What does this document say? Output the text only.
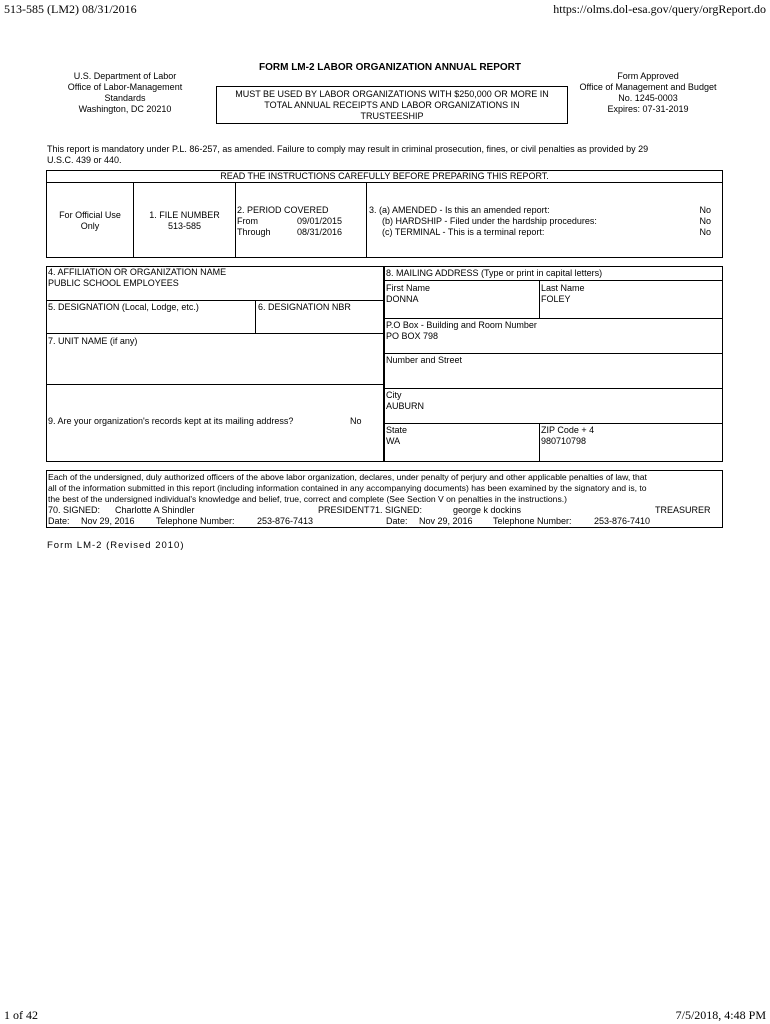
513-585 (LM2) 08/31/2016	https://olms.dol-esa.gov/query/orgReport.do
U.S. Department of Labor
Office of Labor-Management
Standards
Washington, DC 20210
FORM LM-2 LABOR ORGANIZATION ANNUAL REPORT
MUST BE USED BY LABOR ORGANIZATIONS WITH $250,000 OR MORE IN
TOTAL ANNUAL RECEIPTS AND LABOR ORGANIZATIONS IN
TRUSTEESHIP
Form Approved
Office of Management and Budget
No. 1245-0003
Expires: 07-31-2019
This report is mandatory under P.L. 86-257, as amended. Failure to comply may result in criminal prosecution, fines, or civil penalties as provided by 29
U.S.C. 439 or 440.
READ THE INSTRUCTIONS CAREFULLY BEFORE PREPARING THIS REPORT.
For Official Use
Only
1. FILE NUMBER
513-585
2. PERIOD COVERED
From	09/01/2015
Through	08/31/2016
3. (a) AMENDED - Is this an amended report:	No
(b) HARDSHIP - Filed under the hardship procedures:	No
(c) TERMINAL - This is a terminal report:	No
4. AFFILIATION OR ORGANIZATION NAME
PUBLIC SCHOOL EMPLOYEES
5. DESIGNATION (Local, Lodge, etc.)	6. DESIGNATION NBR
7. UNIT NAME (if any)
9. Are your organization's records kept at its mailing address?	No
8. MAILING ADDRESS (Type or print in capital letters)
First Name
DONNA
Last Name
FOLEY
P.O Box - Building and Room Number
PO BOX 798
Number and Street
City
AUBURN
State
WA
ZIP Code + 4
980710798
Each of the undersigned, duly authorized officers of the above labor organization, declares, under penalty of perjury and other applicable penalties of law, that
all of the information submitted in this report (including information contained in any accompanying documents) has been examined by the signatory and is, to
the best of the undersigned individual's knowledge and belief, true, correct and complete (See Section V on penalties in the instructions.)
70. SIGNED: Charlotte A Shindler	PRESIDENT 71. SIGNED:	george k dockins	TREASURER
Date: Nov 29, 2016 Telephone Number: 253-876-7413	Date: Nov 29, 2016 Telephone Number: 253-876-7410
Form LM-2 (Revised 2010)
1 of 42	7/5/2018, 4:48 PM
